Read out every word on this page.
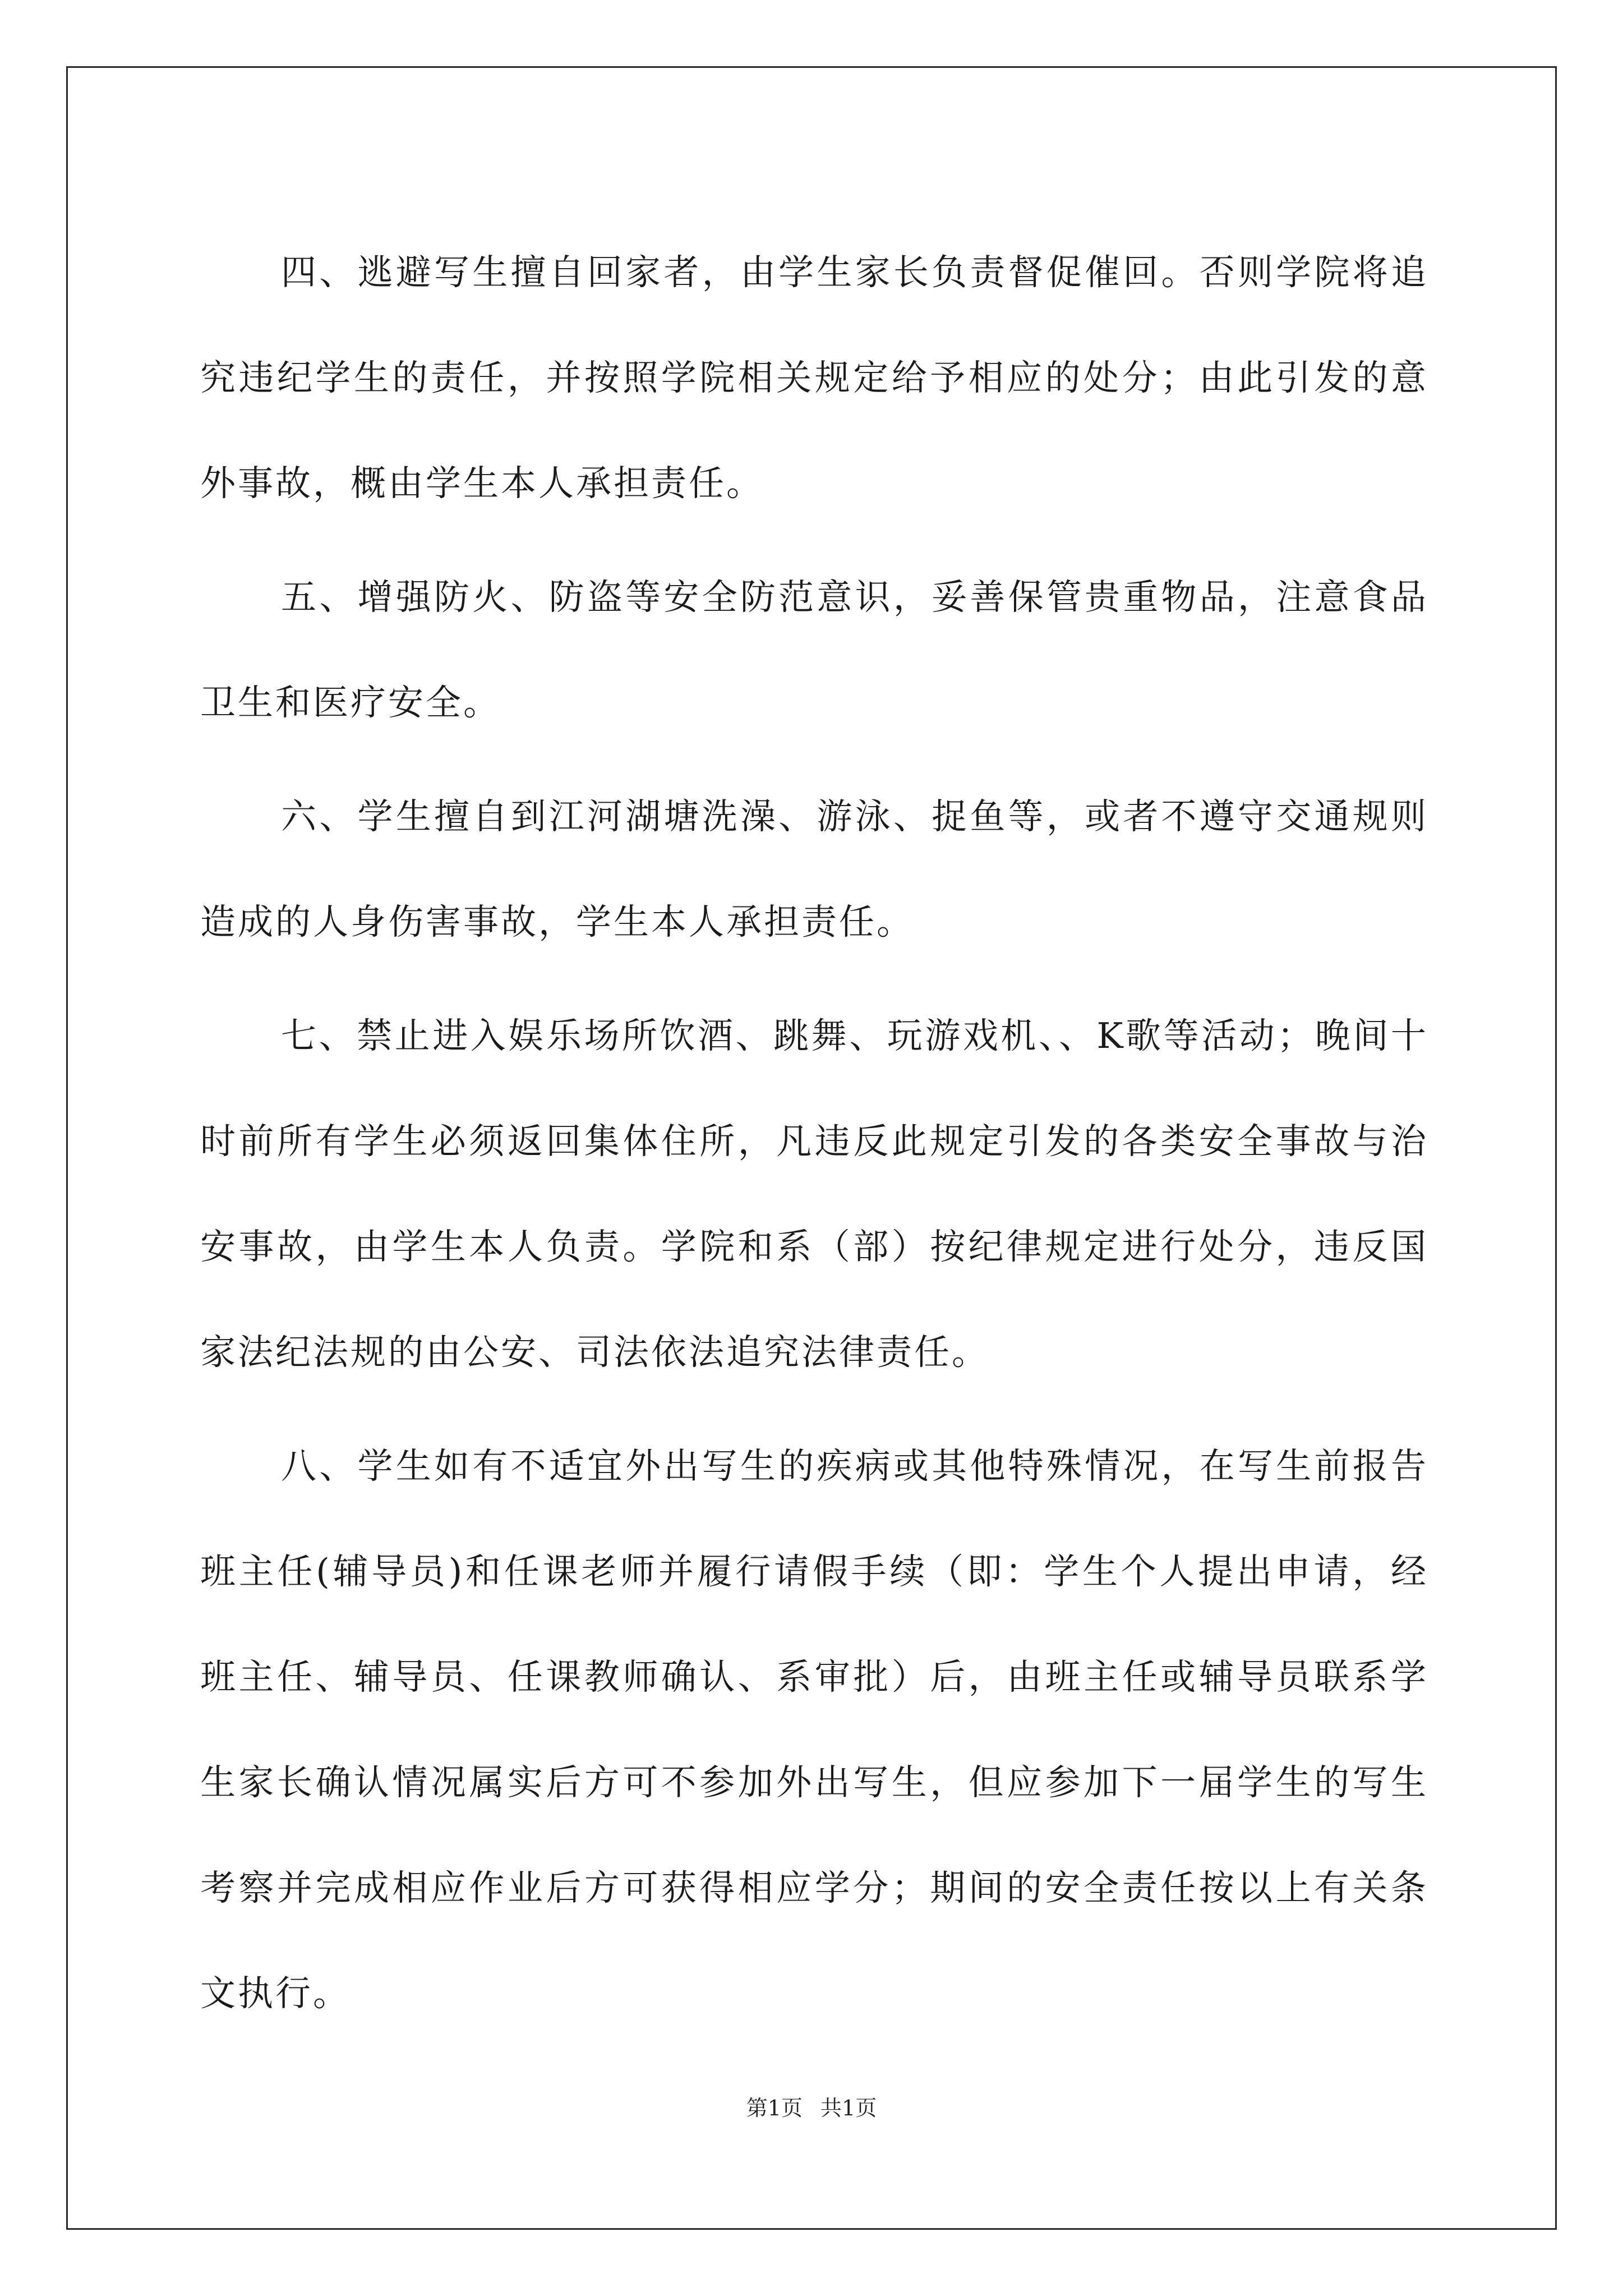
四、逃避写生擅自回家者，由学生家长负责督促催回。否则学院将追究违纪学生的责任，并按照学院相关规定给予相应的处分；由此引发的意外事故，概由学生本人承担责任。

五、增强防火、防盗等安全防范意识，妥善保管贵重物品，注意食品卫生和医疗安全。

六、学生擅自到江河湖塘洗澡、游泳、捉鱼等，或者不遵守交通规则造成的人身伤害事故，学生本人承担责任。

七、禁止进入娱乐场所饮酒、跳舞、玩游戏机、、K歌等活动；晚间十时前所有学生必须返回集体住所，凡违反此规定引发的各类安全事故与治安事故，由学生本人负责。学院和系（部）按纪律规定进行处分，违反国家法纪法规的由公安、司法依法追究法律责任。

八、学生如有不适宜外出写生的疾病或其他特殊情况，在写生前报告班主任(辅导员)和任课老师并履行请假手续（即：学生个人提出申请，经班主任、辅导员、任课教师确认、系审批）后，由班主任或辅导员联系学生家长确认情况属实后方可不参加外出写生，但应参加下一届学生的写生考察并完成相应作业后方可获得相应学分；期间的安全责任按以上有关条文执行。

第1页 共1页
